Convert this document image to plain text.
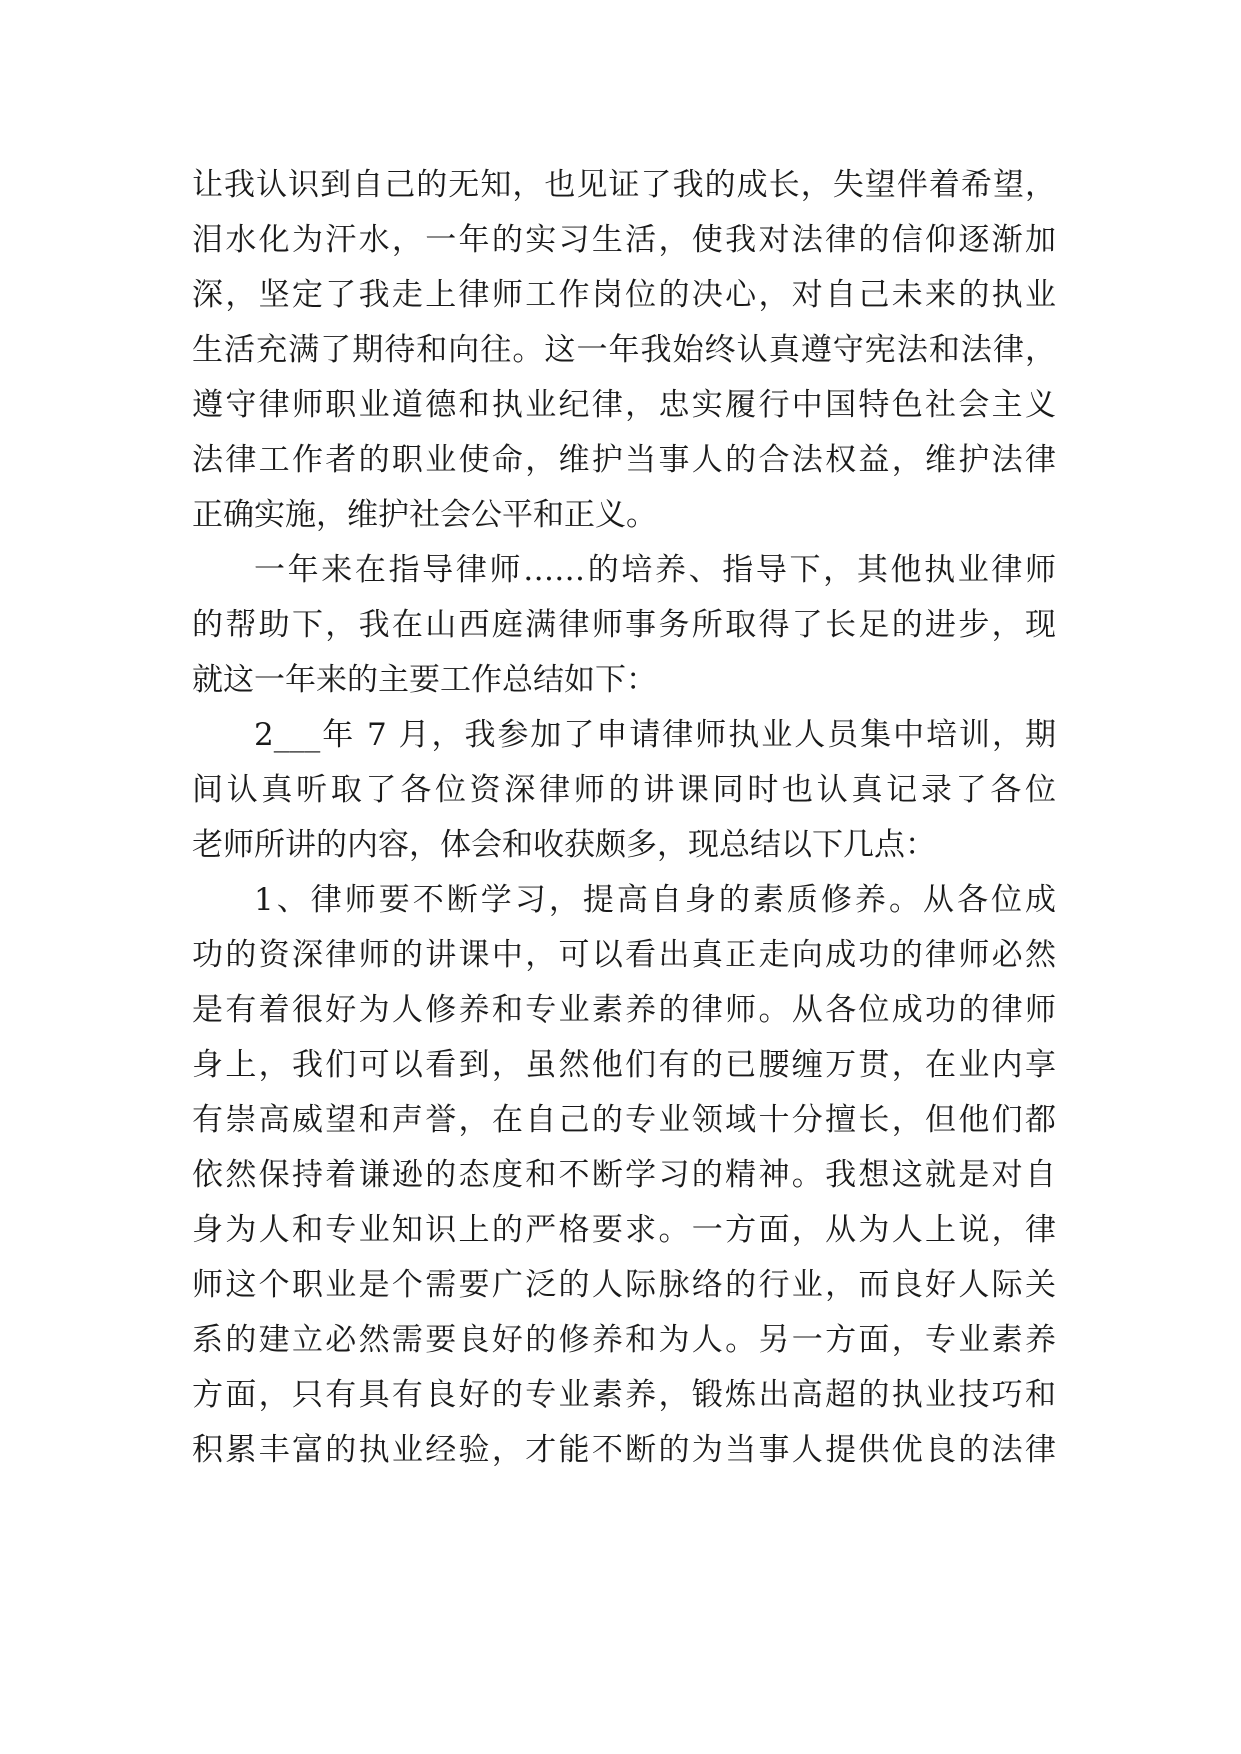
让我认识到自己的无知，也见证了我的成长，失望伴着希望，
泪水化为汗水，一年的实习生活，使我对法律的信仰逐渐加
深，坚定了我走上律师工作岗位的决心，对自己未来的执业
生活充满了期待和向往。这一年我始终认真遵守宪法和法律，
遵守律师职业道德和执业纪律，忠实履行中国特色社会主义
法律工作者的职业使命，维护当事人的合法权益，维护法律
正确实施，维护社会公平和正义。
一年来在指导律师……的培养、指导下，其他执业律师
的帮助下，我在山西庭满律师事务所取得了长足的进步，现
就这一年来的主要工作总结如下：
2___年 7 月，我参加了申请律师执业人员集中培训，期
间认真听取了各位资深律师的讲课同时也认真记录了各位
老师所讲的内容，体会和收获颇多，现总结以下几点：
1、律师要不断学习，提高自身的素质修养。从各位成
功的资深律师的讲课中，可以看出真正走向成功的律师必然
是有着很好为人修养和专业素养的律师。从各位成功的律师
身上，我们可以看到，虽然他们有的已腰缠万贯，在业内享
有崇高威望和声誉，在自己的专业领域十分擅长，但他们都
依然保持着谦逊的态度和不断学习的精神。我想这就是对自
身为人和专业知识上的严格要求。一方面，从为人上说，律
师这个职业是个需要广泛的人际脉络的行业，而良好人际关
系的建立必然需要良好的修养和为人。另一方面，专业素养
方面，只有具有良好的专业素养，锻炼出高超的执业技巧和
积累丰富的执业经验，才能不断的为当事人提供优良的法律
